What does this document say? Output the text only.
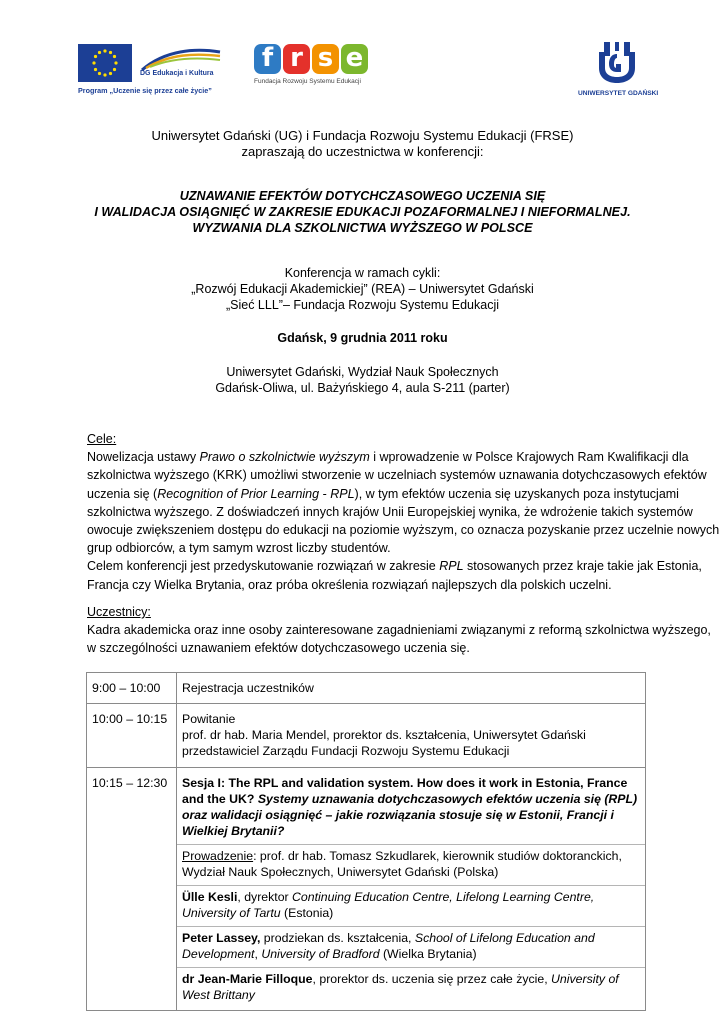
DG Edukacja i Kultura
Program „Uczenie się przez całe życie”
f r s e
Fundacja Rozwoju Systemu Edukacji
UNIWERSYTET GDAŃSKI
Uniwersytet Gdański (UG) i Fundacja Rozwoju Systemu Edukacji (FRSE)
zapraszają do uczestnictwa w konferencji:
UZNAWANIE EFEKTÓW DOTYCHCZASOWEGO UCZENIA SIĘ
I WALIDACJA OSIĄGNIĘĆ W ZAKRESIE EDUKACJI POZAFORMALNEJ I NIEFORMALNEJ.
WYZWANIA DLA SZKOLNICTWA WYŻSZEGO W POLSCE
Konferencja w ramach cykli:
„Rozwój Edukacji Akademickiej” (REA) – Uniwersytet Gdański
„Sieć LLL”– Fundacja Rozwoju Systemu Edukacji
Gdańsk, 9 grudnia 2011 roku
Uniwersytet Gdański, Wydział Nauk Społecznych
Gdańsk-Oliwa, ul. Bażyńskiego 4, aula S-211 (parter)
Cele:
Nowelizacja ustawy Prawo o szkolnictwie wyższym i wprowadzenie w Polsce Krajowych Ram Kwalifikacji dla
szkolnictwa wyższego (KRK) umożliwi stworzenie w uczelniach systemów uznawania dotychczasowych efektów
uczenia się (Recognition of Prior Learning - RPL), w tym efektów uczenia się uzyskanych poza instytucjami
szkolnictwa wyższego. Z doświadczeń innych krajów Unii Europejskiej wynika, że wdrożenie takich systemów
owocuje zwiększeniem dostępu do edukacji na poziomie wyższym, co oznacza pozyskanie przez uczelnie nowych
grup odbiorców, a tym samym wzrost liczby studentów.
Celem konferencji jest przedyskutowanie rozwiązań w zakresie RPL stosowanych przez kraje takie jak Estonia,
Francja czy Wielka Brytania, oraz próba określenia rozwiązań najlepszych dla polskich uczelni.
Uczestnicy:
Kadra akademicka oraz inne osoby zainteresowane zagadnieniami związanymi z reformą szkolnictwa wyższego,
w szczególności uznawaniem efektów dotychczasowego uczenia się.
9:00 – 10:00	Rejestracja uczestników
10:00 – 10:15	Powitanie
prof. dr hab. Maria Mendel, prorektor ds. kształcenia, Uniwersytet Gdański
przedstawiciel Zarządu Fundacji Rozwoju Systemu Edukacji

10:15 – 12:30	Sesja I: The RPL and validation system. How does it work in Estonia, France and the UK? Systemy uznawania dotychczasowych efektów uczenia się (RPL) oraz walidacji osiągnięć – jakie rozwiązania stosuje się w Estonii, Francji i Wielkiej Brytanii?
Prowadzenie: prof. dr hab. Tomasz Szkudlarek, kierownik studiów doktoranckich, Wydział Nauk Społecznych, Uniwersytet Gdański (Polska)
Ülle Kesli, dyrektor Continuing Education Centre, Lifelong Learning Centre, University of Tartu (Estonia)
Peter Lassey, prodziekan ds. kształcenia, School of Lifelong Education and Development, University of Bradford (Wielka Brytania)
dr Jean-Marie Filloque, prorektor ds. uczenia się przez całe życie, University of West Brittany
